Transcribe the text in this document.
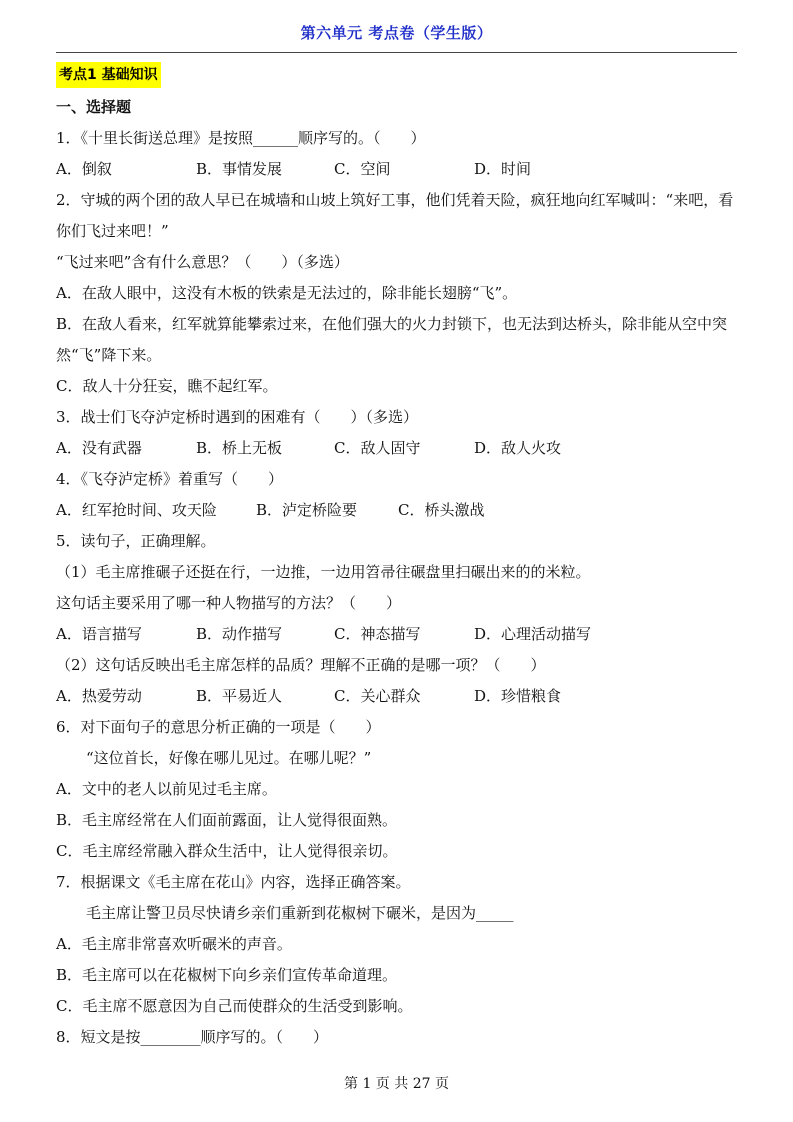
第六单元 考点卷（学生版）
考点1 基础知识
一、选择题
1．《十里长街送总理》是按照______顺序写的。（　　）
A．倒叙	B．事情发展	C．空间	D．时间
2．守城的两个团的敌人早已在城墙和山坡上筑好工事，他们凭着天险，疯狂地向红军喊叫：“来吧，看你们飞过来吧！”
“飞过来吧”含有什么意思？（　　）（多选）
A．在敌人眼中，这没有木板的铁索是无法过的，除非能长翅膀“飞”。
B．在敌人看来，红军就算能攀索过来，在他们强大的火力封锁下，也无法到达桥头，除非能从空中突然“飞”降下来。
C．敌人十分狂妄，瞧不起红军。
3．战士们飞夺泸定桥时遇到的困难有（　　）（多选）
A．没有武器	B．桥上无板	C．敌人固守	D．敌人火攻
4．《飞夺泸定桥》着重写（　　）
A．红军抢时间、攻天险	B．泸定桥险要	C．桥头激战
5．读句子，正确理解。
（1）毛主席推碾子还挺在行，一边推，一边用笤帚往碾盘里扫碾出来的的米粒。
这句话主要采用了哪一种人物描写的方法？（　　）
A．语言描写	B．动作描写	C．神态描写	D．心理活动描写
（2）这句话反映出毛主席怎样的品质？理解不正确的是哪一项？（　　）
A．热爱劳动	B．平易近人	C．关心群众	D．珍惜粮食
6．对下面句子的意思分析正确的一项是（　　）
“这位首长，好像在哪儿见过。在哪儿呢？”
A．文中的老人以前见过毛主席。
B．毛主席经常在人们面前露面，让人觉得很面熟。
C．毛主席经常融入群众生活中，让人觉得很亲切。
7．根据课文《毛主席在花山》内容，选择正确答案。
毛主席让警卫员尽快请乡亲们重新到花椒树下碾米，是因为_____
A．毛主席非常喜欢听碾米的声音。
B．毛主席可以在花椒树下向乡亲们宣传革命道理。
C．毛主席不愿意因为自己而使群众的生活受到影响。
8．短文是按________顺序写的。（　　）
第 1 页 共 27 页
